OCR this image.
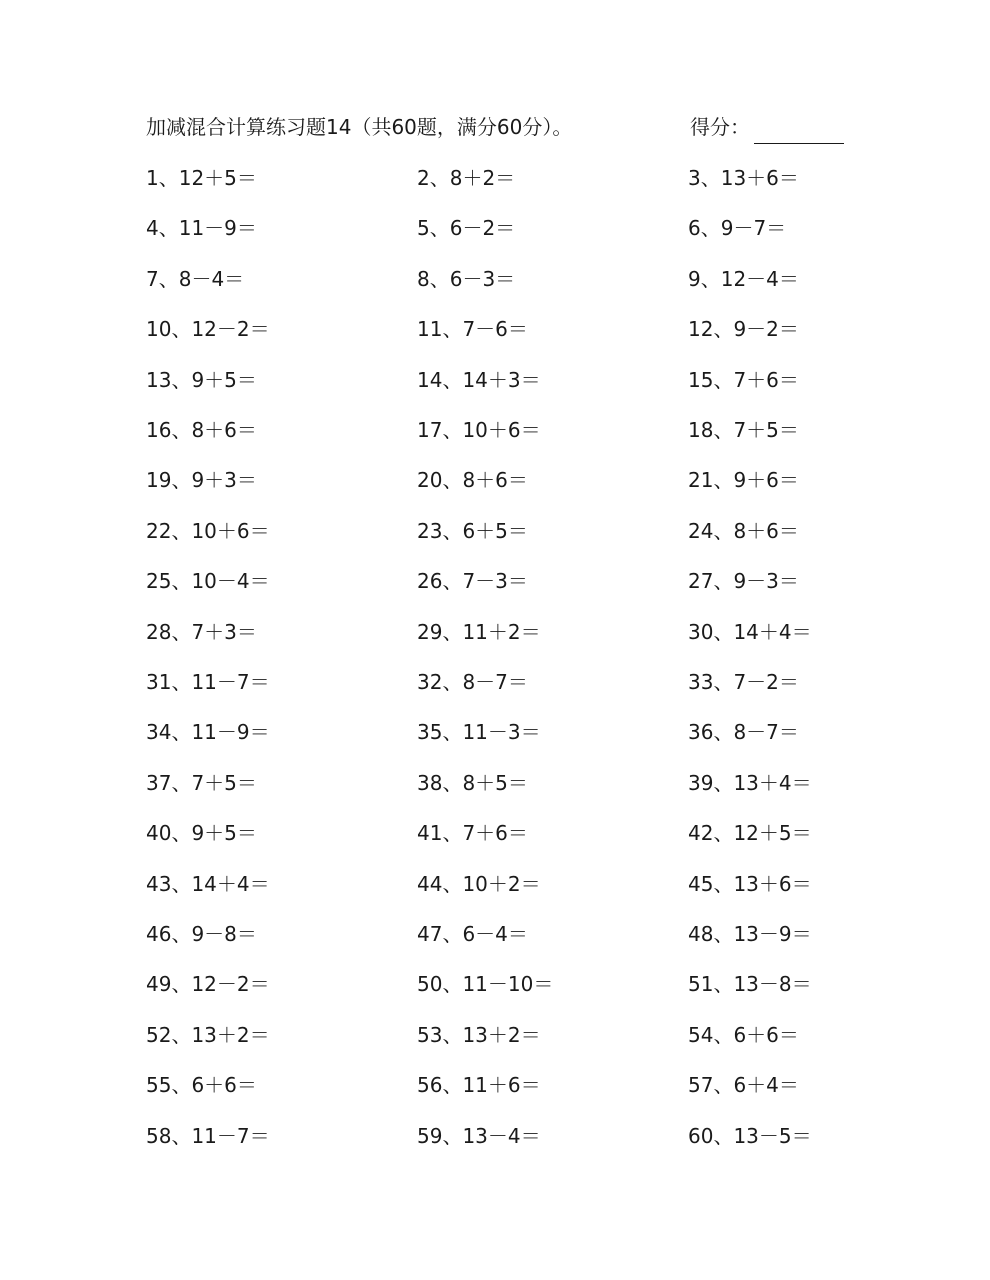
加减混合计算练习题14（共60题，满分60分）。	得分：
1、12＋5＝	2、8＋2＝	3、13＋6＝
4、11－9＝	5、6－2＝	6、9－7＝
7、8－4＝	8、6－3＝	9、12－4＝
10、12－2＝	11、7－6＝	12、9－2＝
13、9＋5＝	14、14＋3＝	15、7＋6＝
16、8＋6＝	17、10＋6＝	18、7＋5＝
19、9＋3＝	20、8＋6＝	21、9＋6＝
22、10＋6＝	23、6＋5＝	24、8＋6＝
25、10－4＝	26、7－3＝	27、9－3＝
28、7＋3＝	29、11＋2＝	30、14＋4＝
31、11－7＝	32、8－7＝	33、7－2＝
34、11－9＝	35、11－3＝	36、8－7＝
37、7＋5＝	38、8＋5＝	39、13＋4＝
40、9＋5＝	41、7＋6＝	42、12＋5＝
43、14＋4＝	44、10＋2＝	45、13＋6＝
46、9－8＝	47、6－4＝	48、13－9＝
49、12－2＝	50、11－10＝	51、13－8＝
52、13＋2＝	53、13＋2＝	54、6＋6＝
55、6＋6＝	56、11＋6＝	57、6＋4＝
58、11－7＝	59、13－4＝	60、13－5＝
